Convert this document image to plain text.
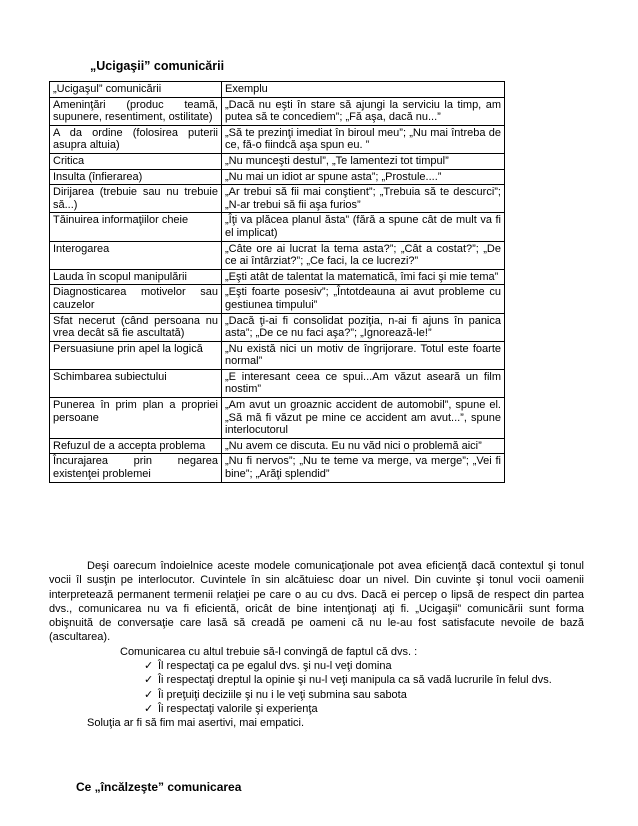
„Ucigaşii” comunicării
„Ucigaşul” comunicării	Exemplu
Ameninţări (produc teamă, supunere, resentiment, ostilitate)	„Dacă nu eşti în stare să ajungi la serviciu la timp, am putea să te concediem”; „Fă aşa, dacă nu...”
A da ordine (folosirea puterii asupra altuia)	„Să te prezinţi imediat în biroul meu”; „Nu mai întreba de ce, fă-o fiindcă aşa spun eu. ”
Critica	„Nu munceşti destul”, „Te lamentezi tot timpul”
Insulta (înfierarea)	„Nu mai un idiot ar spune asta”; „Prostule....”
Dirijarea (trebuie sau nu trebuie să...)	„Ar trebui să fii mai conştient”; „Trebuia să te descurci”; „N-ar trebui să fii aşa furios”
Tăinuirea informaţiilor cheie	„Îţi va plăcea planul ăsta” (fără a spune cât de mult va fi el implicat)
Interogarea	„Câte ore ai lucrat la tema asta?”; „Cât a costat?”; „De ce ai întârziat?”; „Ce faci, la ce lucrezi?”
Lauda în scopul manipulării	„Eşti atât de talentat la matematică, îmi faci şi mie tema”
Diagnosticarea motivelor sau cauzelor	„Eşti foarte posesiv”; „Întotdeauna ai avut probleme cu gestiunea timpului”
Sfat necerut (când persoana nu vrea decât să fie ascultată)	„Dacă ţi-ai fi consolidat poziţia, n-ai fi ajuns în panica asta”; „De ce nu faci aşa?”; „Ignorează-le!”
Persuasiune prin apel la logică	„Nu există nici un motiv de îngrijorare. Totul este foarte normal”
Schimbarea subiectului	„E interesant ceea ce spui...Am văzut aseară un film nostim”
Punerea în prim plan a propriei persoane	„Am avut un groaznic accident de automobil”, spune el. „Să mă fi văzut pe mine ce accident am avut...”, spune interlocutorul
Refuzul de a accepta problema	„Nu avem ce discuta. Eu nu văd nici o problemă aici”
Încurajarea prin negarea existenţei problemei	„Nu fi nervos”; „Nu te teme va merge, va merge”; „Vei fi bine”; „Arăţi splendid”

Deşi oarecum îndoielnice aceste modele comunicaţionale pot avea eficienţă dacă contextul şi tonul vocii îl susţin pe interlocutor. Cuvintele în sin alcătuiesc doar un nivel. Din cuvinte şi tonul vocii oamenii interpretează permanent termenii relaţiei pe care o au cu dvs. Dacă ei percep o lipsă de respect din partea dvs., comunicarea nu va fi eficientă, oricât de bine intenţionaţi aţi fi. „Ucigaşii” comunicării sunt forma obişnuită de conversaţie care lasă să creadă pe oameni că nu le-au fost satisfacute nevoile de bază (ascultarea).

Comunicarea cu altul trebuie să-l convingă de faptul că dvs. :

✓ Îl respectaţi ca pe egalul dvs. şi nu-l veţi domina
✓ Îi respectaţi dreptul la opinie şi nu-l veţi manipula ca să vadă lucrurile în felul dvs.
✓ Îi preţuiţi deciziile şi nu i le veţi submina sau sabota
✓ Îi respectaţi valorile şi experienţa

Soluţia ar fi să fim mai asertivi, mai empatici.

Ce „încălzeşte” comunicarea
